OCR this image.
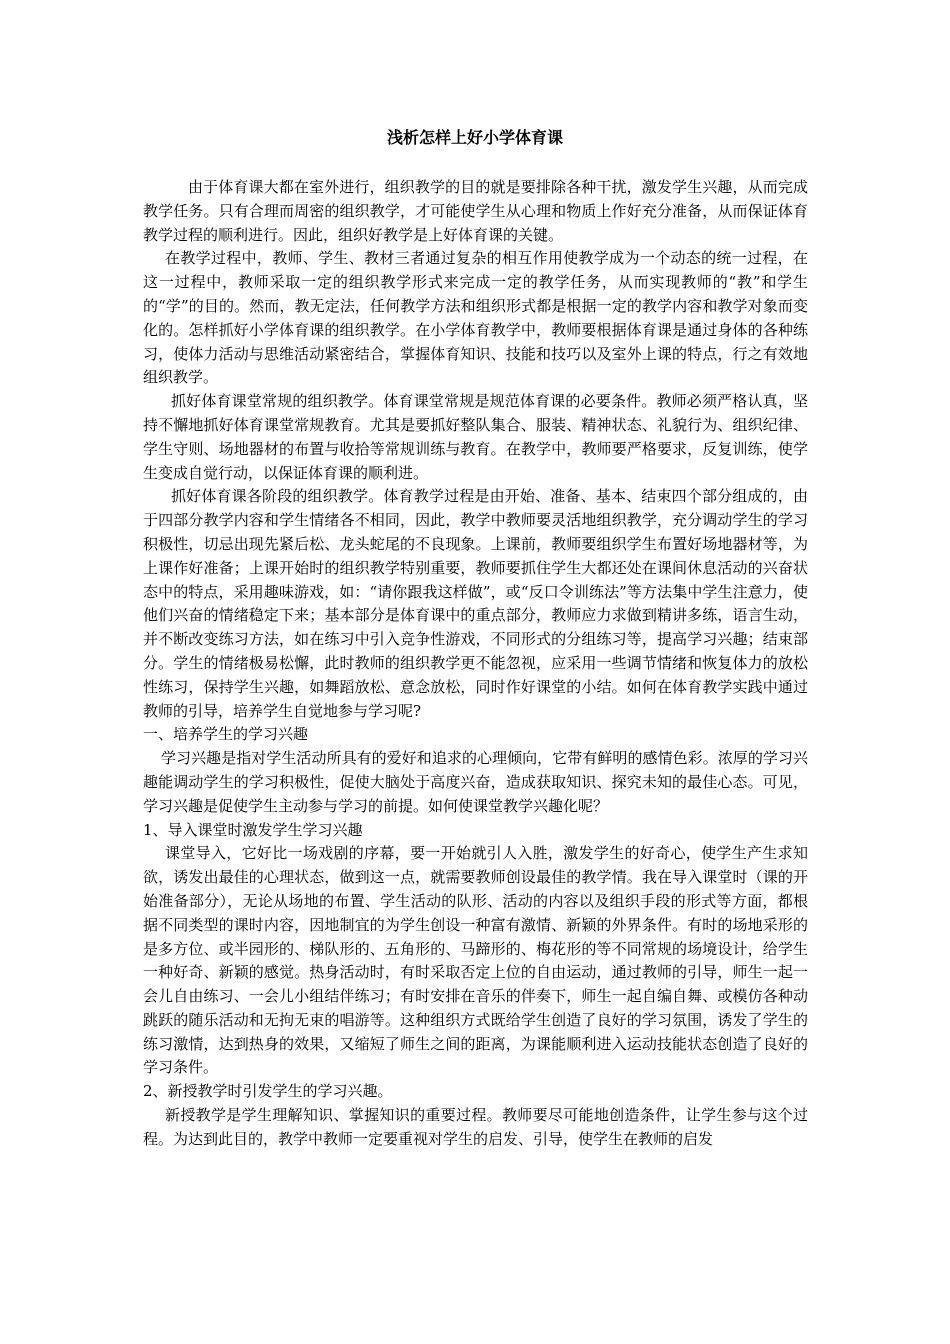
浅析怎样上好小学体育课

由于体育课大都在室外进行，组织教学的目的就是要排除各种干扰，激发学生兴趣，从而完成教学任务。只有合理而周密的组织教学，才可能使学生从心理和物质上作好充分准备，从而保证体育教学过程的顺利进行。因此，组织好教学是上好体育课的关键。

在教学过程中，教师、学生、教材三者通过复杂的相互作用使教学成为一个动态的统一过程，在这一过程中，教师采取一定的组织教学形式来完成一定的教学任务，从而实现教师的“教”和学生的“学”的目的。然而，教无定法，任何教学方法和组织形式都是根据一定的教学内容和教学对象而变化的。怎样抓好小学体育课的组织教学。在小学体育教学中，教师要根据体育课是通过身体的各种练习，使体力活动与思维活动紧密结合，掌握体育知识、技能和技巧以及室外上课的特点，行之有效地组织教学。

抓好体育课堂常规的组织教学。体育课堂常规是规范体育课的必要条件。教师必须严格认真，坚持不懈地抓好体育课堂常规教育。尤其是要抓好整队集合、服装、精神状态、礼貌行为、组织纪律、学生守则、场地器材的布置与收拾等常规训练与教育。在教学中，教师要严格要求，反复训练，使学生变成自觉行动，以保证体育课的顺利进。

抓好体育课各阶段的组织教学。体育教学过程是由开始、准备、基本、结束四个部分组成的，由于四部分教学内容和学生情绪各不相同，因此，教学中教师要灵活地组织教学，充分调动学生的学习积极性，切忌出现先紧后松、龙头蛇尾的不良现象。上课前，教师要组织学生布置好场地器材等，为上课作好准备；上课开始时的组织教学特别重要，教师要抓住学生大都还处在课间休息活动的兴奋状态中的特点，采用趣味游戏，如：“请你跟我这样做”，或“反口令训练法”等方法集中学生注意力，使他们兴奋的情绪稳定下来；基本部分是体育课中的重点部分，教师应力求做到精讲多练，语言生动，并不断改变练习方法，如在练习中引入竞争性游戏，不同形式的分组练习等，提高学习兴趣；结束部分。学生的情绪极易松懈，此时教师的组织教学更不能忽视，应采用一些调节情绪和恢复体力的放松性练习，保持学生兴趣，如舞蹈放松、意念放松，同时作好课堂的小结。如何在体育教学实践中通过教师的引导，培养学生自觉地参与学习呢?

一、培养学生的学习兴趣

学习兴趣是指对学生活动所具有的爱好和追求的心理倾向，它带有鲜明的感情色彩。浓厚的学习兴趣能调动学生的学习积极性，促使大脑处于高度兴奋，造成获取知识、探究未知的最佳心态。可见，学习兴趣是促使学生主动参与学习的前提。如何使课堂教学兴趣化呢？

1、导入课堂时激发学生学习兴趣

课堂导入，它好比一场戏剧的序幕，要一开始就引人入胜，激发学生的好奇心，使学生产生求知欲，诱发出最佳的心理状态，做到这一点，就需要教师创设最佳的教学情。我在导入课堂时（课的开始准备部分），无论从场地的布置、学生活动的队形、活动的内容以及组织手段的形式等方面，都根据不同类型的课时内容，因地制宜的为学生创设一种富有激情、新颖的外界条件。有时的场地采形的是多方位、或半园形的、梯队形的、五角形的、马蹄形的、梅花形的等不同常规的场境设计，给学生一种好奇、新颖的感觉。热身活动时，有时采取否定上位的自由运动，通过教师的引导，师生一起一会儿自由练习、一会儿小组结伴练习；有时安排在音乐的伴奏下，师生一起自编自舞、或模仿各种动跳跃的随乐活动和无拘无束的唱游等。这种组织方式既给学生创造了良好的学习氛围，诱发了学生的练习激情，达到热身的效果，又缩短了师生之间的距离，为课能顺利进入运动技能状态创造了良好的学习条件。

2、新授教学时引发学生的学习兴趣。

新授教学是学生理解知识、掌握知识的重要过程。教师要尽可能地创造条件，让学生参与这个过程。为达到此目的，教学中教师一定要重视对学生的启发、引导，使学生在教师的启发
